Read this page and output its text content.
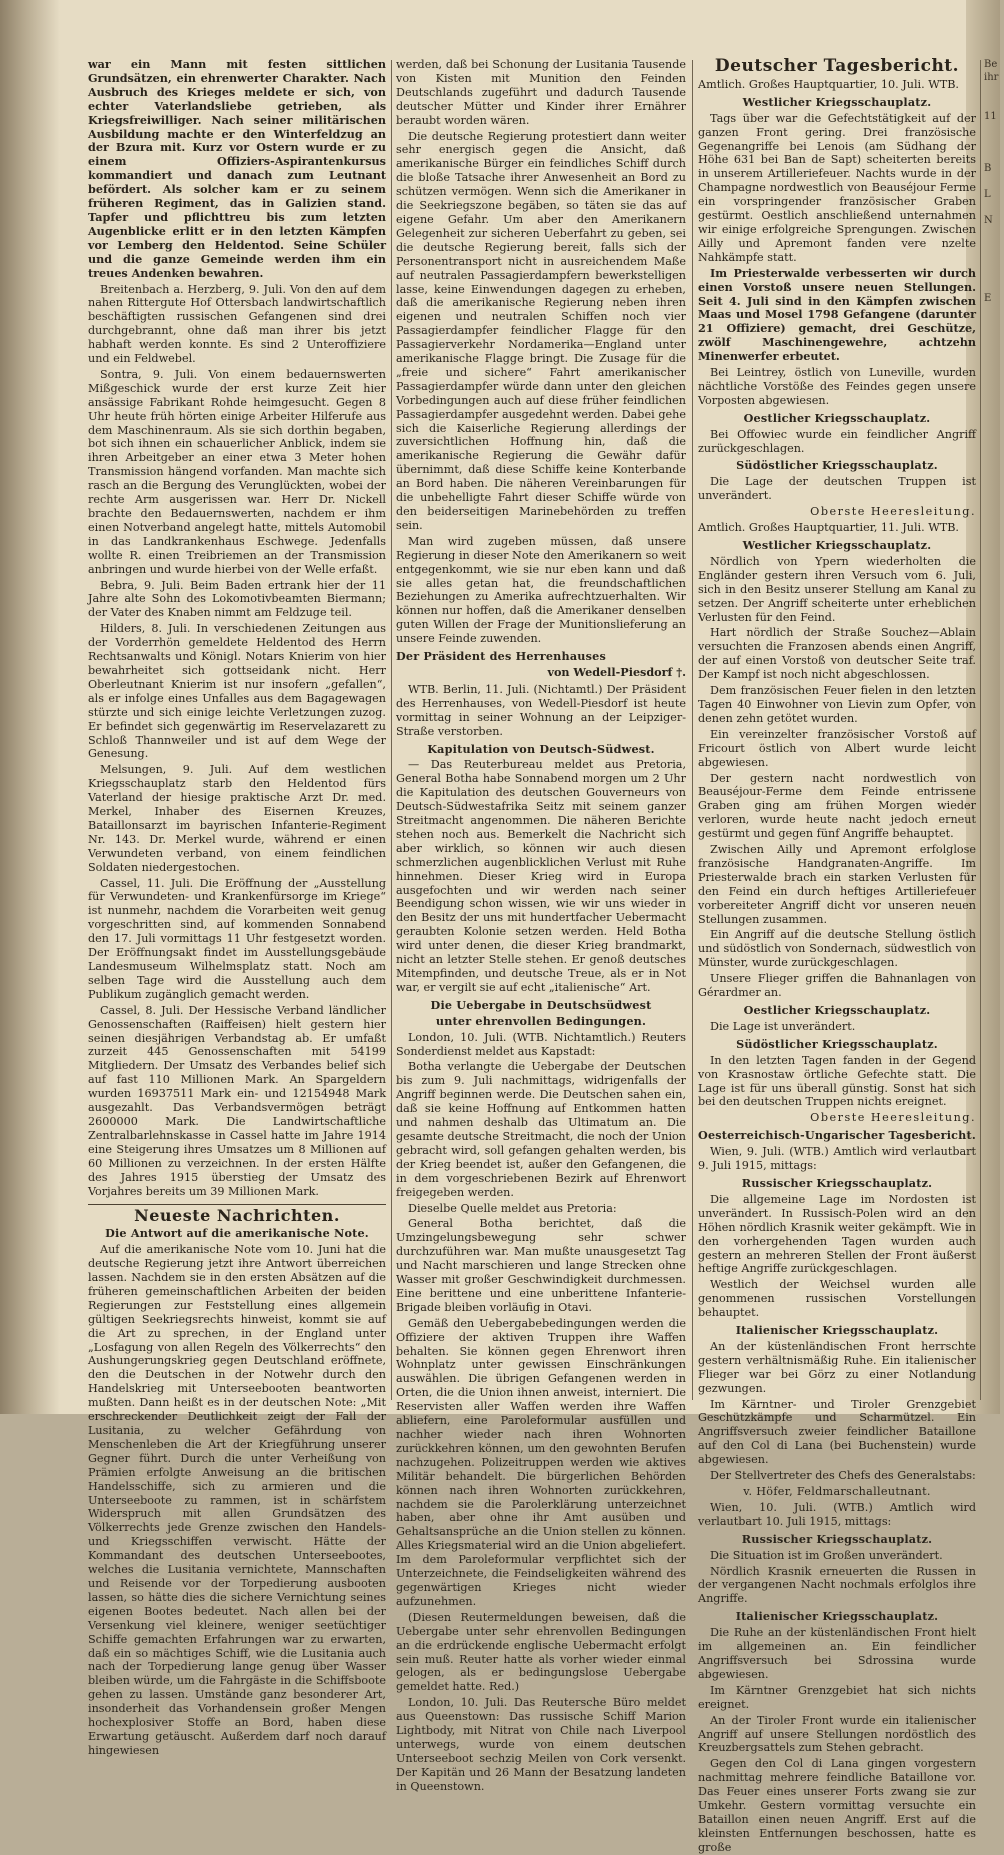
war ein Mann mit festen sittlichen Grundsätzen, ein ehrenwerter Charakter. Nach Ausbruch des Krieges meldete er sich, von echter Vaterlandsliebe getrieben, als Kriegsfreiwilliger. Nach seiner militärischen Ausbildung machte er den Winterfeldzug an der Bzura mit. Kurz vor Ostern wurde er zu einem Offiziers-Aspirantenkursus kommandiert und danach zum Leutnant befördert. Als solcher kam er zu seinem früheren Regiment, das in Galizien stand. Tapfer und pflichttreu bis zum letzten Augenblicke erlitt er in den letzten Kämpfen vor Lemberg den Heldentod. Seine Schüler und die ganze Gemeinde werden ihm ein treues Andenken bewahren.

Breitenbach a. Herzberg, 9. Juli. Von den auf dem nahen Rittergute Hof Ottersbach landwirtschaftlich beschäftigten russischen Gefangenen sind drei durchgebrannt, ohne daß man ihrer bis jetzt habhaft werden konnte. Es sind 2 Unteroffiziere und ein Feldwebel.

Sontra, 9. Juli. Von einem bedauernswerten Mißgeschick wurde der erst kurze Zeit hier ansässige Fabrikant Rohde heimgesucht. Gegen 8 Uhr heute früh hörten einige Arbeiter Hilferufe aus dem Maschinenraum. Als sie sich dorthin begaben, bot sich ihnen ein schauerlicher Anblick, indem sie ihren Arbeitgeber an einer etwa 3 Meter hohen Transmission hängend vorfanden. Man machte sich rasch an die Bergung des Verunglückten, wobei der rechte Arm ausgerissen war. Herr Dr. Nickell brachte den Bedauernswerten, nachdem er ihm einen Notverband angelegt hatte, mittels Automobil in das Landkrankenhaus Eschwege. Jedenfalls wollte R. einen Treibriemen an der Transmission anbringen und wurde hierbei von der Welle erfaßt.

Bebra, 9. Juli. Beim Baden ertrank hier der 11 Jahre alte Sohn des Lokomotivbeamten Biermann; der Vater des Knaben nimmt am Feldzuge teil.

Hilders, 8. Juli. In verschiedenen Zeitungen aus der Vorderrhön gemeldete Heldentod des Herrn Rechtsanwalts und Königl. Notars Knierim von hier bewahrheitet sich gottseidank nicht. Herr Oberleutnant Knierim ist nur insofern „gefallen“, als er infolge eines Unfalles aus dem Bagagewagen stürzte und sich einige leichte Verletzungen zuzog. Er befindet sich gegenwärtig im Reservelazarett zu Schloß Thannweiler und ist auf dem Wege der Genesung.

Melsungen, 9. Juli. Auf dem westlichen Kriegsschauplatz starb den Heldentod fürs Vaterland der hiesige praktische Arzt Dr. med. Merkel, Inhaber des Eisernen Kreuzes, Bataillonsarzt im bayrischen Infanterie-Regiment Nr. 143. Dr. Merkel wurde, während er einen Verwundeten verband, von einem feindlichen Soldaten niedergestochen.

Cassel, 11. Juli. Die Eröffnung der „Ausstellung für Verwundeten- und Krankenfürsorge im Kriege“ ist nunmehr, nachdem die Vorarbeiten weit genug vorgeschritten sind, auf kommenden Sonnabend den 17. Juli vormittags 11 Uhr festgesetzt worden. Der Eröffnungsakt findet im Ausstellungsgebäude Landesmuseum Wilhelmsplatz statt. Noch am selben Tage wird die Ausstellung auch dem Publikum zugänglich gemacht werden.

Cassel, 8. Juli. Der Hessische Verband ländlicher Genossenschaften (Raiffeisen) hielt gestern hier seinen diesjährigen Verbandstag ab. Er umfaßt zurzeit 445 Genossenschaften mit 54199 Mitgliedern. Der Umsatz des Verbandes belief sich auf fast 110 Millionen Mark. An Spargeldern wurden 16937511 Mark ein- und 12154948 Mark ausgezahlt. Das Verbandsvermögen beträgt 2600000 Mark. Die Landwirtschaftliche Zentralbarlehnskasse in Cassel hatte im Jahre 1914 eine Steigerung ihres Umsatzes um 8 Millionen auf 60 Millionen zu verzeichnen. In der ersten Hälfte des Jahres 1915 überstieg der Umsatz des Vorjahres bereits um 39 Millionen Mark.

Neueste Nachrichten.
Die Antwort auf die amerikanische Note.

Auf die amerikanische Note vom 10. Juni hat die deutsche Regierung jetzt ihre Antwort überreichen lassen. Nachdem sie in den ersten Absätzen auf die früheren gemeinschaftlichen Arbeiten der beiden Regierungen zur Feststellung eines allgemein gültigen Seekriegsrechts hinweist, kommt sie auf die Art zu sprechen, in der England unter „Losfagung von allen Regeln des Völkerrechts“ den Aushungerungskrieg gegen Deutschland eröffnete, den die Deutschen in der Notwehr durch den Handelskrieg mit Unterseebooten beantworten mußten. Dann heißt es in der deutschen Note: „Mit erschreckender Deutlichkeit zeigt der Fall der Lusitania, zu welcher Gefährdung von Menschenleben die Art der Kriegführung unserer Gegner führt. Durch die unter Verheißung von Prämien erfolgte Anweisung an die britischen Handelsschiffe, sich zu armieren und die Unterseeboote zu rammen, ist in schärfstem Widerspruch mit allen Grundsätzen des Völkerrechts jede Grenze zwischen den Handels- und Kriegsschiffen verwischt. Hätte der Kommandant des deutschen Unterseebootes, welches die Lusitania vernichtete, Mannschaften und Reisende vor der Torpedierung ausbooten lassen, so hätte dies die sichere Vernichtung seines eigenen Bootes bedeutet. Nach allen bei der Versenkung viel kleinere, weniger seetüchtiger Schiffe gemachten Erfahrungen war zu erwarten, daß ein so mächtiges Schiff, wie die Lusitania auch nach der Torpedierung lange genug über Wasser bleiben würde, um die Fahrgäste in die Schiffsboote gehen zu lassen. Umstände ganz besonderer Art, insonderheit das Vorhandensein großer Mengen hochexplosiver Stoffe an Bord, haben diese Erwartung getäuscht. Außerdem darf noch darauf hingewiesen

werden, daß bei Schonung der Lusitania Tausende von Kisten mit Munition den Feinden Deutschlands zugeführt und dadurch Tausende deutscher Mütter und Kinder ihrer Ernährer beraubt worden wären.

Die deutsche Regierung protestiert dann weiter sehr energisch gegen die Ansicht, daß amerikanische Bürger ein feindliches Schiff durch die bloße Tatsache ihrer Anwesenheit an Bord zu schützen vermögen. Wenn sich die Amerikaner in die Seekriegszone begäben, so täten sie das auf eigene Gefahr. Um aber den Amerikanern Gelegenheit zur sicheren Ueberfahrt zu geben, sei die deutsche Regierung bereit, falls sich der Personentransport nicht in ausreichendem Maße auf neutralen Passagierdampfern bewerkstelligen lasse, keine Einwendungen dagegen zu erheben, daß die amerikanische Regierung neben ihren eigenen und neutralen Schiffen noch vier Passagierdampfer feindlicher Flagge für den Passagierverkehr Nordamerika—England unter amerikanische Flagge bringt. Die Zusage für die „freie und sichere“ Fahrt amerikanischer Passagierdampfer würde dann unter den gleichen Vorbedingungen auch auf diese früher feindlichen Passagierdampfer ausgedehnt werden. Dabei gehe sich die Kaiserliche Regierung allerdings der zuversichtlichen Hoffnung hin, daß die amerikanische Regierung die Gewähr dafür übernimmt, daß diese Schiffe keine Konterbande an Bord haben. Die näheren Vereinbarungen für die unbehelligte Fahrt dieser Schiffe würde von den beiderseitigen Marinebehörden zu treffen sein.

Man wird zugeben müssen, daß unsere Regierung in dieser Note den Amerikanern so weit entgegenkommt, wie sie nur eben kann und daß sie alles getan hat, die freundschaftlichen Beziehungen zu Amerika aufrechtzuerhalten. Wir können nur hoffen, daß die Amerikaner denselben guten Willen der Frage der Munitionslieferung an unsere Feinde zuwenden.

Der Präsident des Herrenhauses
von Wedell-Piesdorf †.

WTB. Berlin, 11. Juli. (Nichtamtl.) Der Präsident des Herrenhauses, von Wedell-Piesdorf ist heute vormittag in seiner Wohnung an der Leipziger-Straße verstorben.

Kapitulation von Deutsch-Südwest.

— Das Reuterbureau meldet aus Pretoria, General Botha habe Sonnabend morgen um 2 Uhr die Kapitulation des deutschen Gouverneurs von Deutsch-Südwestafrika Seitz mit seinem ganzer Streitmacht angenommen. Die näheren Berichte stehen noch aus. Bemerkelt die Nachricht sich aber wirklich, so können wir auch diesen schmerzlichen augenblicklichen Verlust mit Ruhe hinnehmen. Dieser Krieg wird in Europa ausgefochten und wir werden nach seiner Beendigung schon wissen, wie wir uns wieder in den Besitz der uns mit hundertfacher Uebermacht geraubten Kolonie setzen werden. Held Botha wird unter denen, die dieser Krieg brandmarkt, nicht an letzter Stelle stehen. Er genoß deutsches Mitempfinden, und deutsche Treue, als er in Not war, er vergilt sie auf echt „italienische“ Art.

Die Uebergabe in Deutschsüdwest
unter ehrenvollen Bedingungen.

London, 10. Juli. (WTB. Nichtamtlich.) Reuters Sonderdienst meldet aus Kapstadt:

Botha verlangte die Uebergabe der Deutschen bis zum 9. Juli nachmittags, widrigenfalls der Angriff beginnen werde. Die Deutschen sahen ein, daß sie keine Hoffnung auf Entkommen hatten und nahmen deshalb das Ultimatum an. Die gesamte deutsche Streitmacht, die noch der Union gebracht wird, soll gefangen gehalten werden, bis der Krieg beendet ist, außer den Gefangenen, die in dem vorgeschriebenen Bezirk auf Ehrenwort freigegeben werden.

Dieselbe Quelle meldet aus Pretoria:

General Botha berichtet, daß die Umzingelungsbewegung sehr schwer durchzuführen war. Man mußte unausgesetzt Tag und Nacht marschieren und lange Strecken ohne Wasser mit großer Geschwindigkeit durchmessen. Eine berittene und eine unberittene Infanterie-Brigade bleiben vorläufig in Otavi.

Gemäß den Uebergabebedingungen werden die Offiziere der aktiven Truppen ihre Waffen behalten. Sie können gegen Ehrenwort ihren Wohnplatz unter gewissen Einschränkungen auswählen. Die übrigen Gefangenen werden in Orten, die die Union ihnen anweist, interniert. Die Reservisten aller Waffen werden ihre Waffen abliefern, eine Paroleformular ausfüllen und nachher wieder nach ihren Wohnorten zurückkehren können, um den gewohnten Berufen nachzugehen. Polizeitruppen werden wie aktives Militär behandelt. Die bürgerlichen Behörden können nach ihren Wohnorten zurückkehren, nachdem sie die Parolerklärung unterzeichnet haben, aber ohne ihr Amt ausüben und Gehaltsansprüche an die Union stellen zu können. Alles Kriegsmaterial wird an die Union abgeliefert. Im dem Paroleformular verpflichtet sich der Unterzeichnete, die Feindseligkeiten während des gegenwärtigen Krieges nicht wieder aufzunehmen.

(Diesen Reutermeldungen beweisen, daß die Uebergabe unter sehr ehrenvollen Bedingungen an die erdrückende englische Uebermacht erfolgt sein muß. Reuter hatte als vorher wieder einmal gelogen, als er bedingungslose Uebergabe gemeldet hatte. Red.)

London, 10. Juli. Das Reutersche Büro meldet aus Queenstown: Das russische Schiff Marion Lightbody, mit Nitrat von Chile nach Liverpool unterwegs, wurde von einem deutschen Unterseeboot sechzig Meilen von Cork versenkt. Der Kapitän und 26 Mann der Besatzung landeten in Queenstown.

Deutscher Tagesbericht.

Amtlich. Großes Hauptquartier, 10. Juli. WTB.

Westlicher Kriegsschauplatz.

Tags über war die Gefechtstätigkeit auf der ganzen Front gering. Drei französische Gegenangriffe bei Lenois (am Südhang der Höhe 631 bei Ban de Sapt) scheiterten bereits in unserem Artilleriefeuer. Nachts wurde in der Champagne nordwestlich von Beauséjour Ferme ein vorspringender französischer Graben gestürmt. Oestlich anschließend unternahmen wir einige erfolgreiche Sprengungen. Zwischen Ailly und Apremont fanden vere nzelte Nahkämpfe statt.

Im Priesterwalde verbesserten wir durch einen Vorstoß unsere neuen Stellungen. Seit 4. Juli sind in den Kämpfen zwischen Maas und Mosel 1798 Gefangene (darunter 21 Offiziere) gemacht, drei Geschütze, zwölf Maschinengewehre, achtzehn Minenwerfer erbeutet.

Bei Leintrey, östlich von Luneville, wurden nächtliche Vorstöße des Feindes gegen unsere Vorposten abgewiesen.

Oestlicher Kriegsschauplatz.

Bei Offowiec wurde ein feindlicher Angriff zurückgeschlagen.

Südöstlicher Kriegsschauplatz.

Die Lage der deutschen Truppen ist unverändert.

Oberste Heeresleitung.

Amtlich. Großes Hauptquartier, 11. Juli. WTB.

Westlicher Kriegsschauplatz.

Nördlich von Ypern wiederholten die Engländer gestern ihren Versuch vom 6. Juli, sich in den Besitz unserer Stellung am Kanal zu setzen. Der Angriff scheiterte unter erheblichen Verlusten für den Feind.

Hart nördlich der Straße Souchez—Ablain versuchten die Franzosen abends einen Angriff, der auf einen Vorstoß von deutscher Seite traf. Der Kampf ist noch nicht abgeschlossen.

Dem französischen Feuer fielen in den letzten Tagen 40 Einwohner von Lievin zum Opfer, von denen zehn getötet wurden.

Ein vereinzelter französischer Vorstoß auf Fricourt östlich von Albert wurde leicht abgewiesen.

Der gestern nacht nordwestlich von Beauséjour-Ferme dem Feinde entrissene Graben ging am frühen Morgen wieder verloren, wurde heute nacht jedoch erneut gestürmt und gegen fünf Angriffe behauptet.

Zwischen Ailly und Apremont erfolglose französische Handgranaten-Angriffe. Im Priesterwalde brach ein starken Verlusten für den Feind ein durch heftiges Artilleriefeuer vorbereiteter Angriff dicht vor unseren neuen Stellungen zusammen.

Ein Angriff auf die deutsche Stellung östlich und südöstlich von Sondernach, südwestlich von Münster, wurde zurückgeschlagen.

Unsere Flieger griffen die Bahnanlagen von Gérardmer an.

Oestlicher Kriegsschauplatz.

Die Lage ist unverändert.

Südöstlicher Kriegsschauplatz.

In den letzten Tagen fanden in der Gegend von Krasnostaw örtliche Gefechte statt. Die Lage ist für uns überall günstig. Sonst hat sich bei den deutschen Truppen nichts ereignet.

Oberste Heeresleitung.
Oesterreichisch-Ungarischer Tagesbericht.

Wien, 9. Juli. (WTB.) Amtlich wird verlautbart 9. Juli 1915, mittags:

Russischer Kriegsschauplatz.

Die allgemeine Lage im Nordosten ist unverändert. In Russisch-Polen wird an den Höhen nördlich Krasnik weiter gekämpft. Wie in den vorhergehenden Tagen wurden auch gestern an mehreren Stellen der Front äußerst heftige Angriffe zurückgeschlagen.

Westlich der Weichsel wurden alle genommenen russischen Vorstellungen behauptet.

Italienischer Kriegsschauplatz.

An der küstenländischen Front herrschte gestern verhältnismäßig Ruhe. Ein italienischer Flieger war bei Görz zu einer Notlandung gezwungen.

Im Kärntner- und Tiroler Grenzgebiet Geschützkämpfe und Scharmützel. Ein Angriffsversuch zweier feindlicher Bataillone auf den Col di Lana (bei Buchenstein) wurde abgewiesen.

Der Stellvertreter des Chefs des Generalstabs:

v. Höfer, Feldmarschalleutnant.

Wien, 10. Juli. (WTB.) Amtlich wird verlautbart 10. Juli 1915, mittags:

Russischer Kriegsschauplatz.

Die Situation ist im Großen unverändert.

Nördlich Krasnik erneuerten die Russen in der vergangenen Nacht nochmals erfolglos ihre Angriffe.

Italienischer Kriegsschauplatz.

Die Ruhe an der küstenländischen Front hielt im allgemeinen an. Ein feindlicher Angriffsversuch bei Sdrossina wurde abgewiesen.

Im Kärntner Grenzgebiet hat sich nichts ereignet.

An der Tiroler Front wurde ein italienischer Angriff auf unsere Stellungen nordöstlich des Kreuzbergsattels zum Stehen gebracht.

Gegen den Col di Lana gingen vorgestern nachmittag mehrere feindliche Bataillone vor. Das Feuer eines unserer Forts zwang sie zur Umkehr. Gestern vormittag versuchte ein Bataillon einen neuen Angriff. Erst auf die kleinsten Entfernungen beschossen, hatte es große

Be
ihr

11

B

L

N

E
